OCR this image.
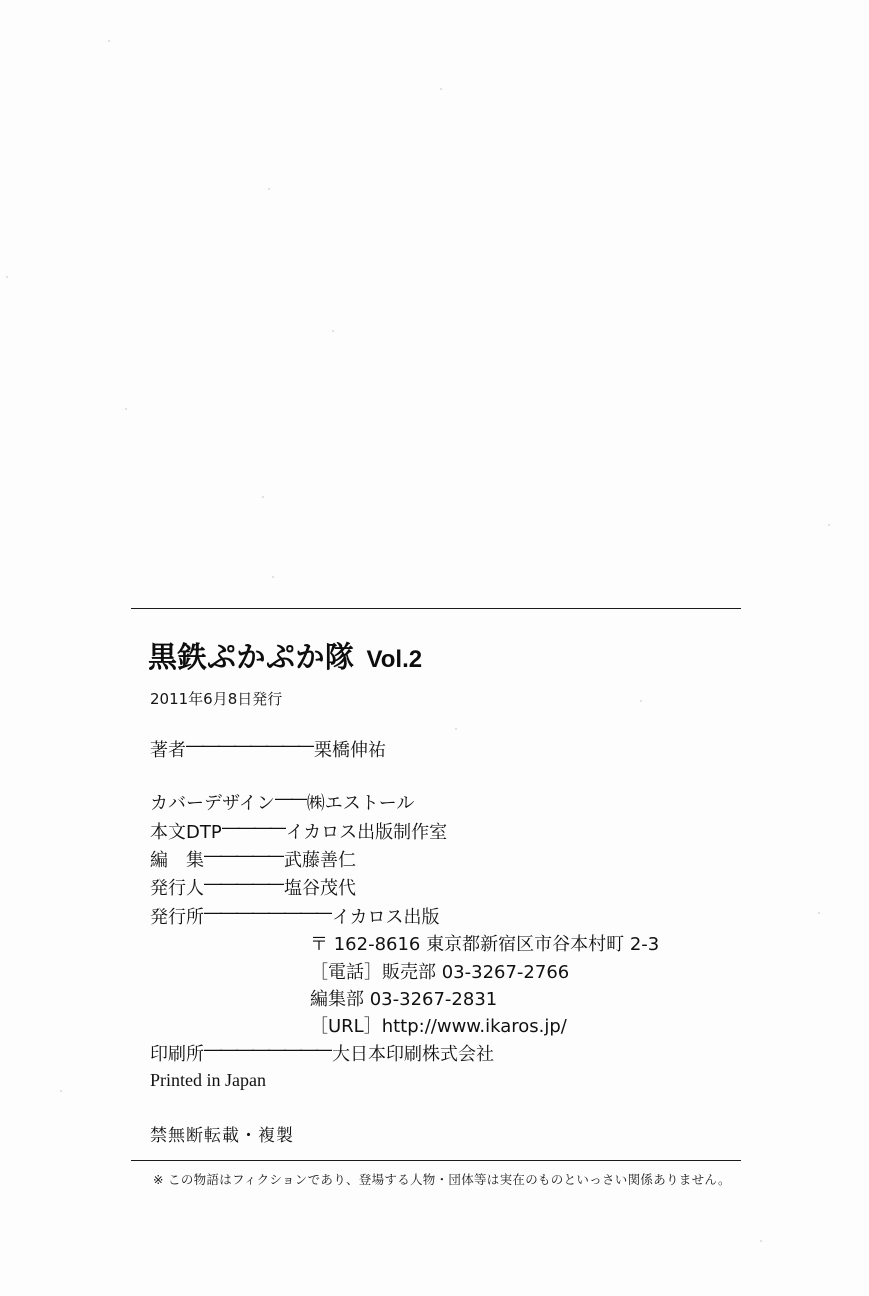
黒鉄ぷかぷか隊 Vol.2
2011年6月8日発行
著者 ———————— 栗橋伸祐
カバーデザイン —— ㈱エストール
本文DTP ———— イカロス出版制作室
編　集 ————— 武藤善仁
発行人 ————— 塩谷茂代
発行所 ———————— イカロス出版
〒 162-8616 東京都新宿区市谷本村町 2-3
［電話］販売部 03-3267-2766
編集部 03-3267-2831
［URL］http://www.ikaros.jp/
印刷所 ———————— 大日本印刷株式会社
Printed in Japan
禁無断転載・複製
※ この物語はフィクションであり、登場する人物・団体等は実在のものといっさい関係ありません。
